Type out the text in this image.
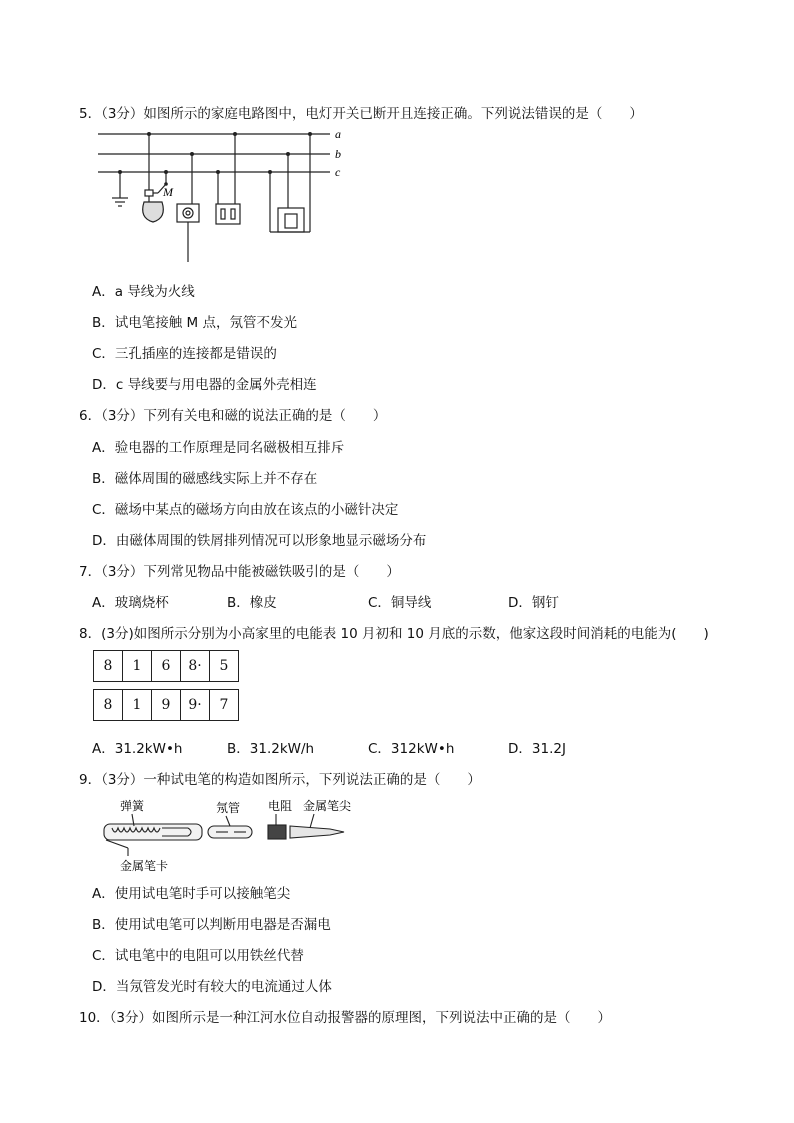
5．（3分）如图所示的家庭电路图中，电灯开关已断开且连接正确。下列说法错误的是（　　）
a
b
c
M
A．a 导线为火线
B．试电笔接触 M 点，氖管不发光
C．三孔插座的连接都是错误的
D．c 导线要与用电器的金属外壳相连
6．（3分）下列有关电和磁的说法正确的是（　　）
A．验电器的工作原理是同名磁极相互排斥
B．磁体周围的磁感线实际上并不存在
C．磁场中某点的磁场方向由放在该点的小磁针决定
D．由磁体周围的铁屑排列情况可以形象地显示磁场分布
7．（3分）下列常见物品中能被磁铁吸引的是（　　）
A．玻璃烧杯	B．橡皮	C．铜导线	D．钢钉
8．(3分)如图所示分别为小高家里的电能表 10 月初和 10 月底的示数，他家这段时间消耗的电能为(　　)
8	1	6	8·	5
8	1	9	9·	7
A．31.2kW•h	B．31.2kW/h	C．312kW•h	D．31.2J
9．（3分）一种试电笔的构造如图所示，下列说法正确的是（　　）
弹簧	氖管 电阻 金属笔尖
金属笔卡
A．使用试电笔时手可以接触笔尖
B．使用试电笔可以判断用电器是否漏电
C．试电笔中的电阻可以用铁丝代替
D．当氖管发光时有较大的电流通过人体
10．（3分）如图所示是一种江河水位自动报警器的原理图，下列说法中正确的是（　　）
